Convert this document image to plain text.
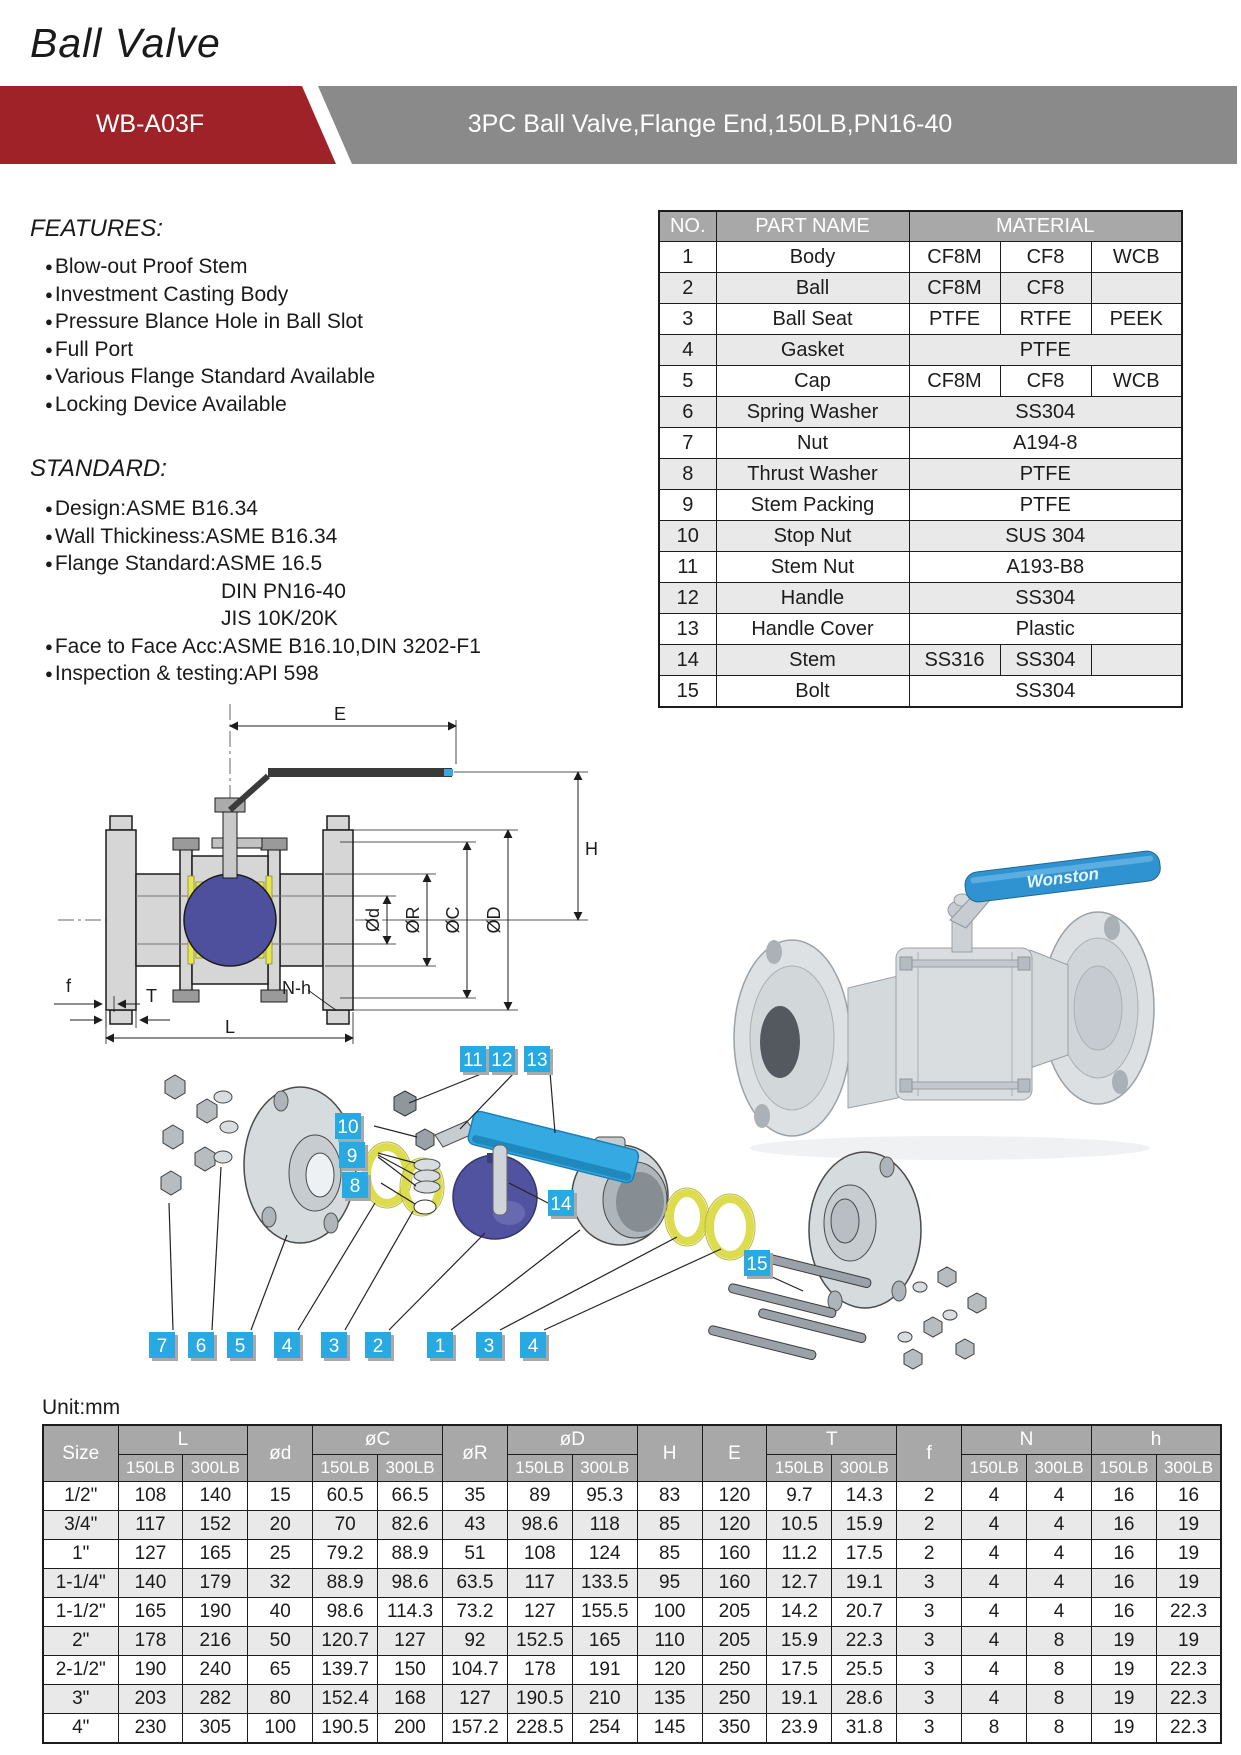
Ball Valve
WB-A03F	3PC Ball Valve,Flange End,150LB,PN16-40
FEATURES:
● Blow-out Proof Stem
● Investment Casting Body
● Pressure Blance Hole in Ball Slot
● Full Port
● Various Flange Standard Available
● Locking Device Available
STANDARD:
● Design:ASME B16.34
● Wall Thickiness:ASME B16.34
● Flange Standard:ASME 16.5
DIN PN16-40
JIS 10K/20K
● Face to Face Acc:ASME B16.10,DIN 3202-F1
● Inspection & testing:API 598
NO.	PART NAME	MATERIAL		
1	Body	CF8M	CF8	WCB
2	Ball	CF8M	CF8	
3	Ball Seat	PTFE	RTFE	PEEK
4	Gasket	PTFE		
5	Cap	CF8M	CF8	WCB
6	Spring Washer	SS304		
7	Nut	A194-8		
8	Thrust Washer	PTFE		
9	Stem Packing	PTFE		
10	Stop Nut	SUS 304		
11	Stem Nut	A193-B8		
12	Handle	SS304		
13	Handle Cover	Plastic		
14	Stem	SS316	SS304	
15	Bolt	SS304		
E
H
ØD
ØC
ØR
Ød
L
f	T	N-h
Wonston
11 12 13
10
9
8
14
15
7 6 5 4 3 2	1 3 4
Unit:mm
Size	L		ød	øC		øR	øD		H	E	T		f	N		h	
	150LB	300LB		150LB	300LB		150LB	300LB			150LB	300LB		150LB	300LB	150LB	300LB
1/2"	108	140	15	60.5	66.5	35	89	95.3	83	120	9.7	14.3	2	4	4	16	16
3/4"	117	152	20	70	82.6	43	98.6	118	85	120	10.5	15.9	2	4	4	16	19
1"	127	165	25	79.2	88.9	51	108	124	85	160	11.2	17.5	2	4	4	16	19
1-1/4"	140	179	32	88.9	98.6	63.5	117	133.5	95	160	12.7	19.1	3	4	4	16	19
1-1/2"	165	190	40	98.6	114.3	73.2	127	155.5	100	205	14.2	20.7	3	4	4	16	22.3
2"	178	216	50	120.7	127	92	152.5	165	110	205	15.9	22.3	3	4	8	19	19
2-1/2"	190	240	65	139.7	150	104.7	178	191	120	250	17.5	25.5	3	4	8	19	22.3
3"	203	282	80	152.4	168	127	190.5	210	135	250	19.1	28.6	3	4	8	19	22.3
4"	230	305	100	190.5	200	157.2	228.5	254	145	350	23.9	31.8	3	8	8	19	22.3
